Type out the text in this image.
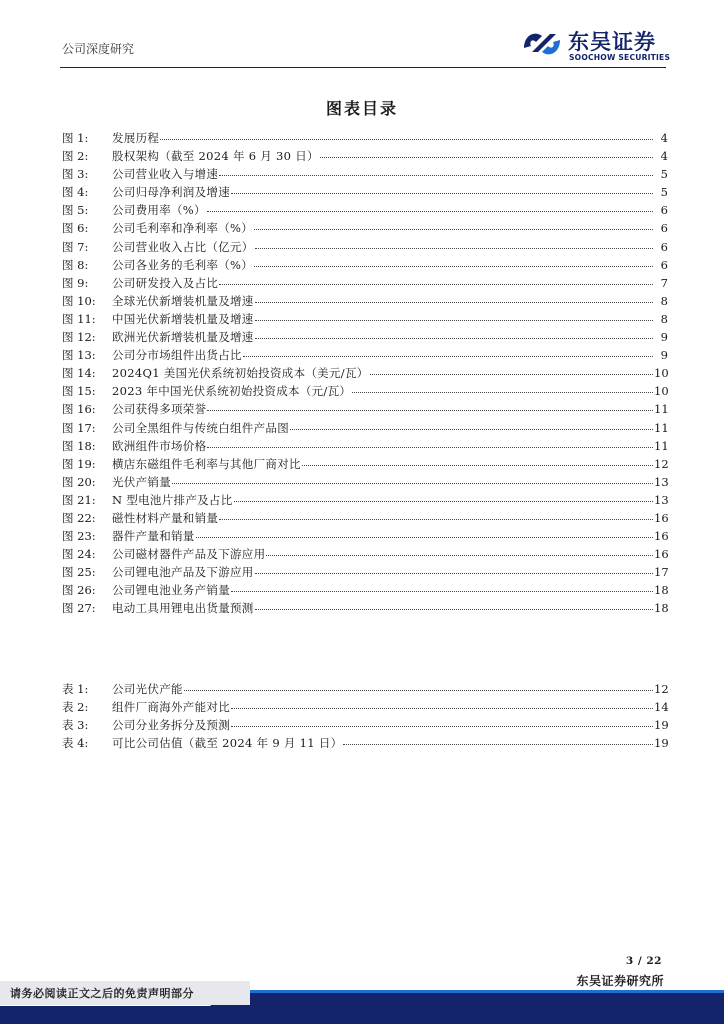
公司深度研究	东吴证券
SOOCHOW SECURITIES
图表目录
图 1:	发展历程	4
图 2:	股权架构（截至 2024 年 6 月 30 日）	4
图 3:	公司营业收入与增速	5
图 4:	公司归母净利润及增速	5
图 5:	公司费用率（%）	6
图 6:	公司毛利率和净利率（%）	6
图 7:	公司营业收入占比（亿元）	6
图 8:	公司各业务的毛利率（%）	6
图 9:	公司研发投入及占比	7
图 10:	全球光伏新增装机量及增速	8
图 11:	中国光伏新增装机量及增速	8
图 12:	欧洲光伏新增装机量及增速	9
图 13:	公司分市场组件出货占比	9
图 14:	2024Q1 美国光伏系统初始投资成本（美元/瓦）	10
图 15:	2023 年中国光伏系统初始投资成本（元/瓦）	10
图 16:	公司获得多项荣誉	11
图 17:	公司全黑组件与传统白组件产品图	11
图 18:	欧洲组件市场价格	11
图 19:	横店东磁组件毛利率与其他厂商对比	12
图 20:	光伏产销量	13
图 21:	N 型电池片排产及占比	13
图 22:	磁性材料产量和销量	16
图 23:	器件产量和销量	16
图 24:	公司磁材器件产品及下游应用	16
图 25:	公司锂电池产品及下游应用	17
图 26:	公司锂电池业务产销量	18
图 27:	电动工具用锂电出货量预测	18
表 1:	公司光伏产能	12
表 2:	组件厂商海外产能对比	14
表 3:	公司分业务拆分及预测	19
表 4:	可比公司估值（截至 2024 年 9 月 11 日）	19
3 / 22
东吴证券研究所
请务必阅读正文之后的免责声明部分
